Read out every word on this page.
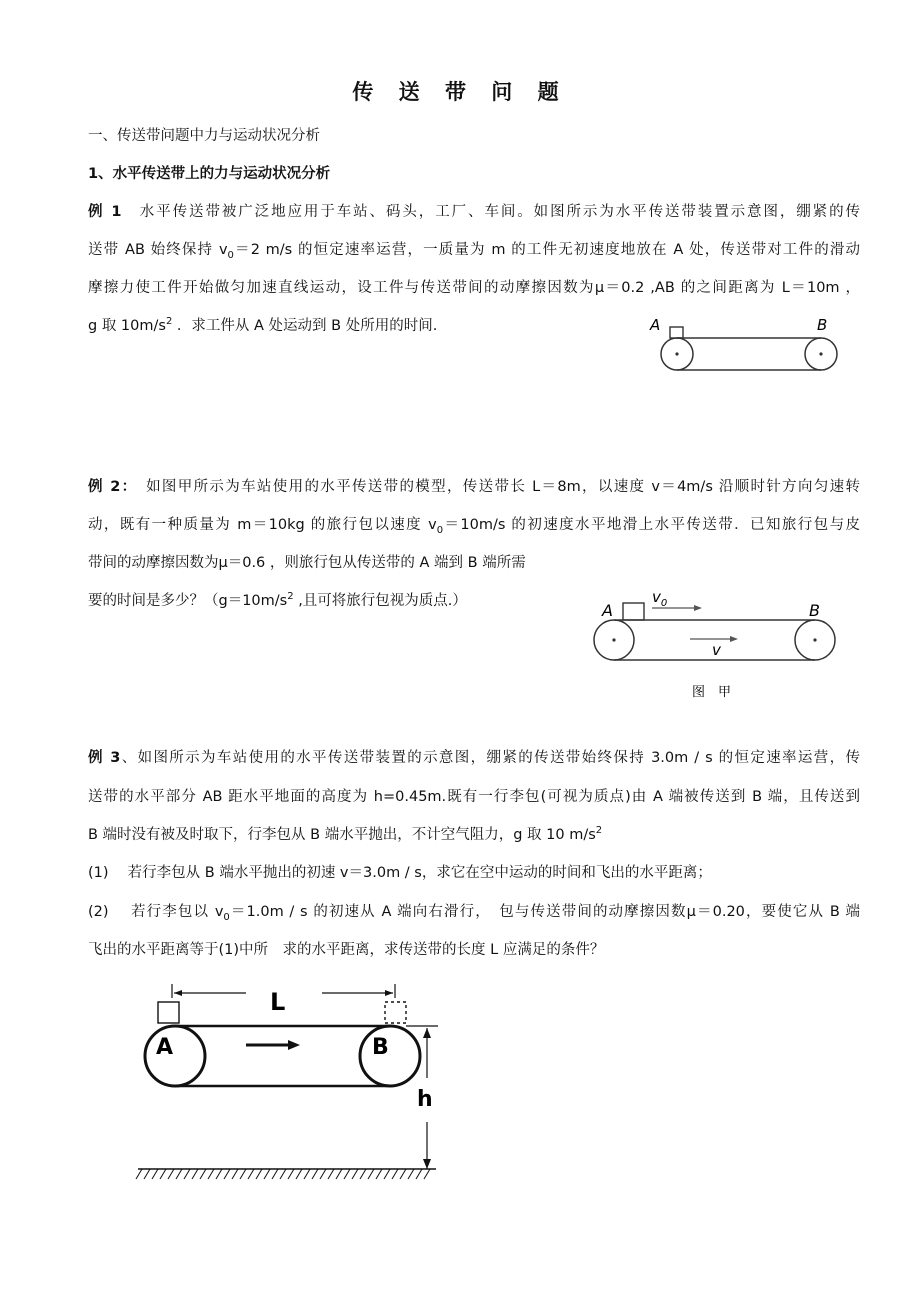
传 送 带 问 题
一、传送带问题中力与运动状况分析
1、水平传送带上的力与运动状况分析
例 1　 水平传送带被广泛地应用于车站、码头，工厂、车间。如图所示为水平传送带装置示意图，绷紧的传
送带 AB 始终保持 $v_0=2$ m/s 的恒定速率运营，一质量为 m 的工件无初速度地放在 A 处，传送带对工件的滑动
摩擦力使工件开始做匀加速直线运动，设工件与传送带间的动摩擦因数为μ＝0.2 ,AB 的之间距离为 L＝10m ，
g 取 $10m/s^2$ ．求工件从 A 处运动到 B 处所用的时间.	A	B
例 2：　 如图甲所示为车站使用的水平传送带的模型，传送带长 L＝8m，以速度 v＝4m/s 沿顺时针方向匀速转
动，既有一种质量为 m＝10kg 的旅行包以速度 $v_0=10m/s$ 的初速度水平地滑上水平传送带．已知旅行包与皮
带间的动摩擦因数为μ＝0.6 ，则旅行包从传送带的 A 端到 B 端所需
要的时间是多少？（$g=10m/s^2$ ,且可将旅行包视为质点.）	A	B
$v_0$
v
图　甲
例 3、如图所示为车站使用的水平传送带装置的示意图，绷紧的传送带始终保持 3.0m / s 的恒定速率运营，传
送带的水平部分 AB 距水平地面的高度为 h=0.45m.既有一行李包(可视为质点)由 A 端被传送到 B 端，且传送到
B 端时没有被及时取下，行李包从 B 端水平抛出，不计空气阻力，g 取 10 $m/s^2$
(1)　 若行李包从 B 端水平抛出的初速 v＝3.0m / s，求它在空中运动的时间和飞出的水平距离；
(2)　 若行李包以 $v_0=1.0m / s$ 的初速从 A 端向右滑行，　包与传送带间的动摩擦因数μ＝0.20，要使它从 B 端
飞出的水平距离等于(1)中所　求的水平距离，求传送带的长度 L 应满足的条件？
L
A	B
h
